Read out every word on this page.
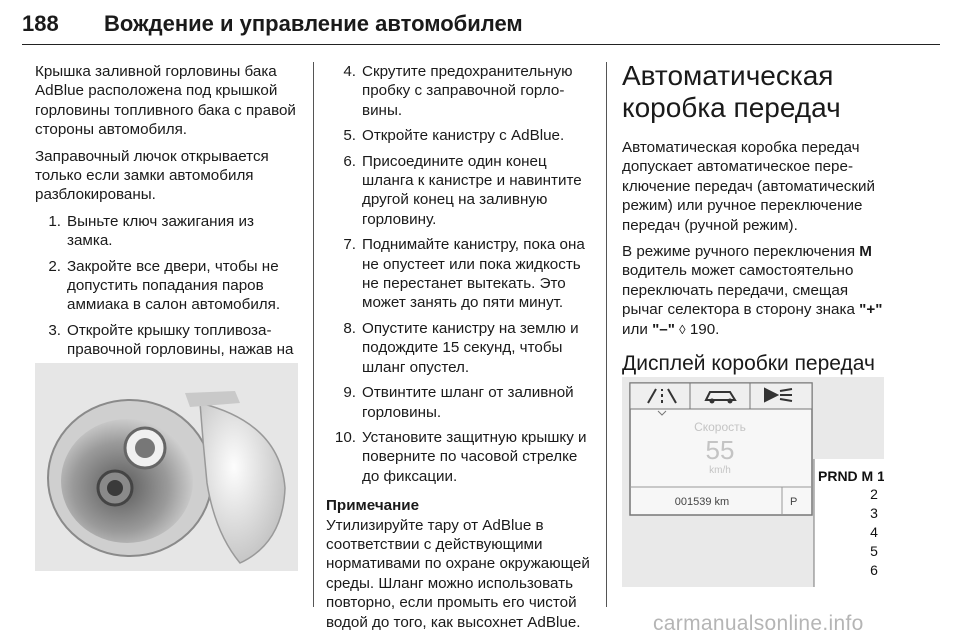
188 Вождение и управление автомобилем

Крышка заливной горловины бака AdBlue расположена под крышкой горловины топливного бака с правой стороны автомобиля.

Заправочный лючок открывается только если замки автомобиля разблокированы.

1. Выньте ключ зажигания из замка.
2. Закройте все двери, чтобы не допустить попадания паров аммиака в салон автомобиля.
3. Откройте крышку топливозаправочной горловины, нажав на
4. Скрутите предохранительную пробку с заправочной горловины.
5. Откройте канистру с AdBlue.
6. Присоедините один конец шланга к канистре и навинтите другой конец на заливную горловину.
7. Поднимайте канистру, пока она не опустеет или пока жидкость не перестанет вытекать. Это может занять до пяти минут.
8. Опустите канистру на землю и подождите 15 секунд, чтобы шланг опустел.
9. Отвинтите шланг от заливной горловины.
10. Установите защитную крышку и поверните по часовой стрелке до фиксации.

Примечание

Утилизируйте тару от AdBlue в соответствии с действующими нормативами по охране окружающей среды. Шланг можно использовать повторно, если промыть его чистой водой до того, как высохнет AdBlue.

Автоматическая коробка передач

Автоматическая коробка передач допускает автоматическое переключение передач (автоматический режим) или ручное переключение передач (ручной режим).

В режиме ручного переключения M водитель может самостоятельно переключать передачи, смещая рычаг селектора в сторону знака "+" или "–" ◊ 190.

Дисплей коробки передач
Скорость
55
km/h
001539 km	P
PRND M 1
2
3
4
5
6
carmanualsonline.info
